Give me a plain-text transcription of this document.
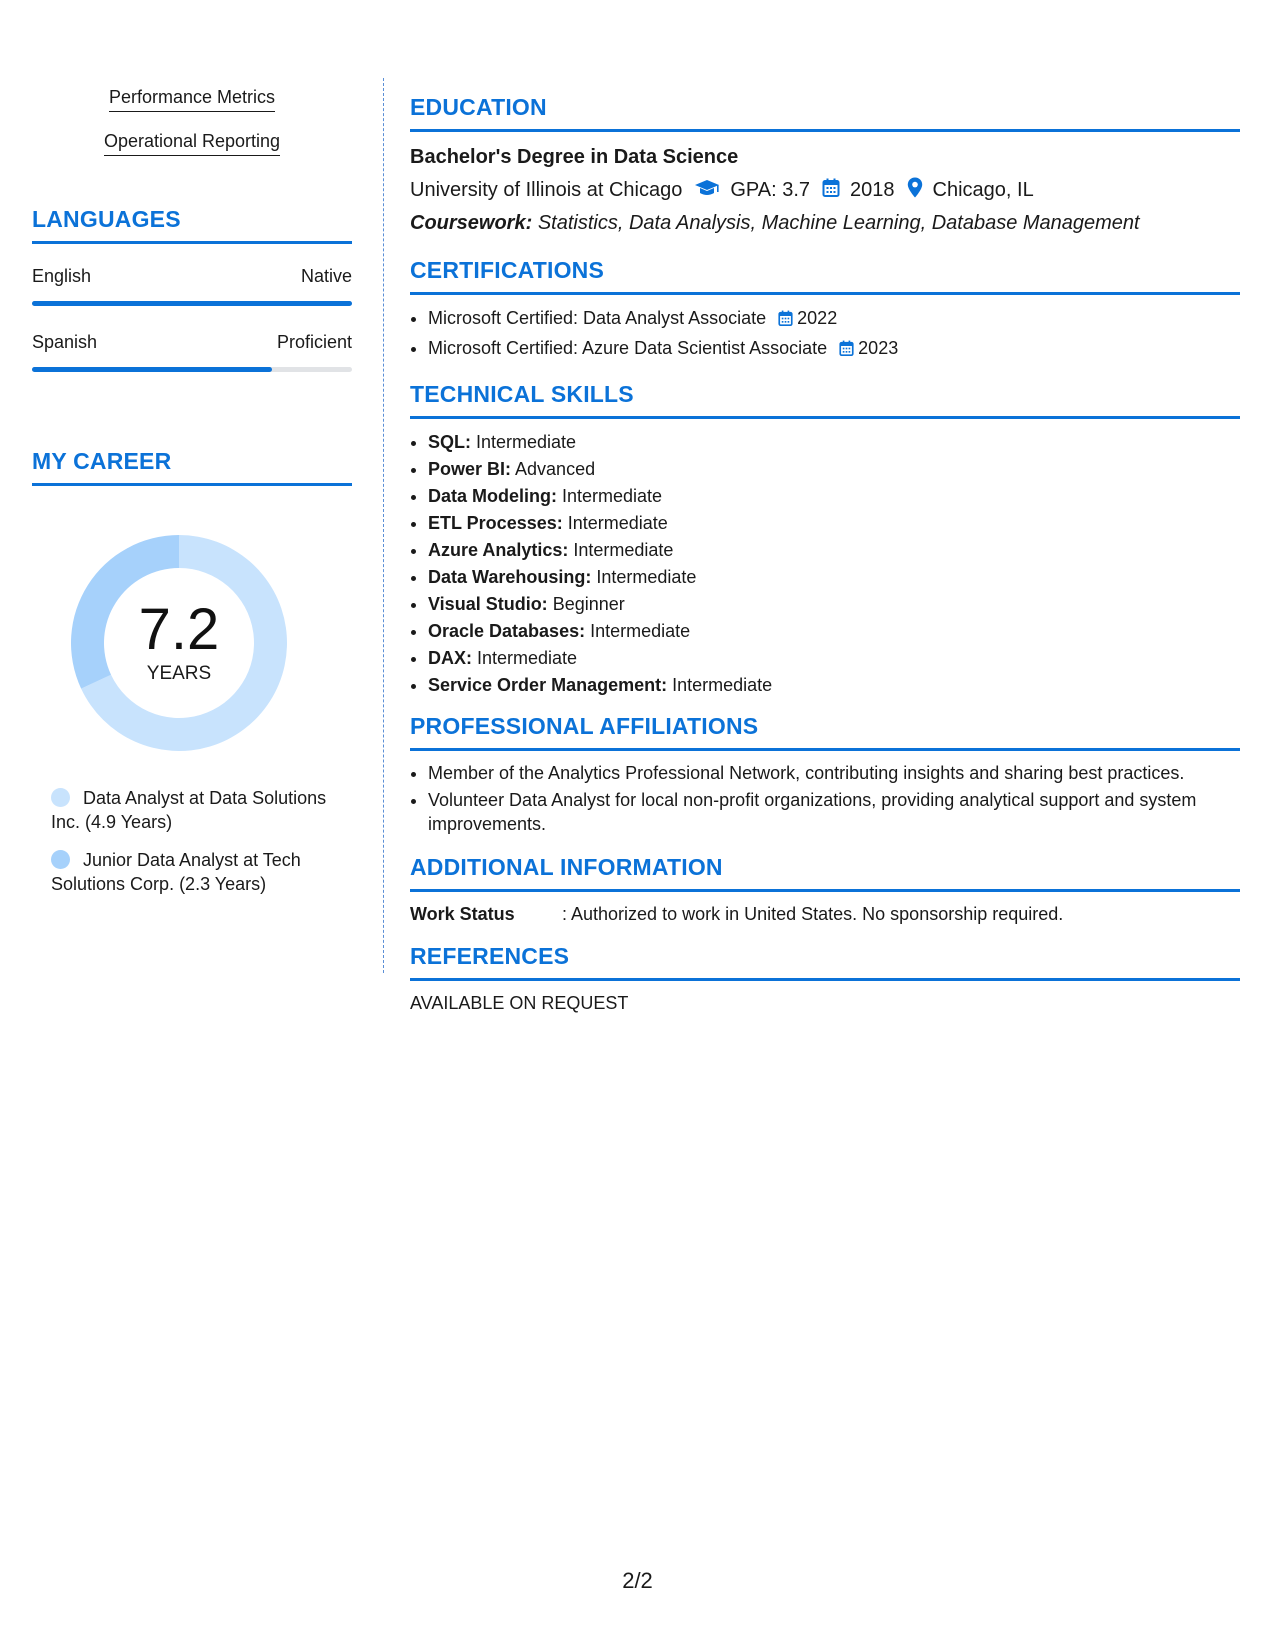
Performance Metrics
Operational Reporting
LANGUAGES
English	Native
Spanish	Proficient
MY CAREER
7.2
YEARS
Data Analyst at Data Solutions Inc. (4.9 Years)
Junior Data Analyst at Tech Solutions Corp. (2.3 Years)
EDUCATION
Bachelor's Degree in Data Science
University of Illinois at Chicago GPA: 3.7 2018 Chicago, IL
Coursework: Statistics, Data Analysis, Machine Learning, Database Management
CERTIFICATIONS
• Microsoft Certified: Data Analyst Associate 2022
• Microsoft Certified: Azure Data Scientist Associate 2023
TECHNICAL SKILLS
• SQL: Intermediate
• Power BI: Advanced
• Data Modeling: Intermediate
• ETL Processes: Intermediate
• Azure Analytics: Intermediate
• Data Warehousing: Intermediate
• Visual Studio: Beginner
• Oracle Databases: Intermediate
• DAX: Intermediate
• Service Order Management: Intermediate
PROFESSIONAL AFFILIATIONS
• Member of the Analytics Professional Network, contributing insights and sharing best practices.
• Volunteer Data Analyst for local non-profit organizations, providing analytical support and system improvements.
ADDITIONAL INFORMATION
Work Status	: Authorized to work in United States. No sponsorship required.
REFERENCES
AVAILABLE ON REQUEST
2/2
